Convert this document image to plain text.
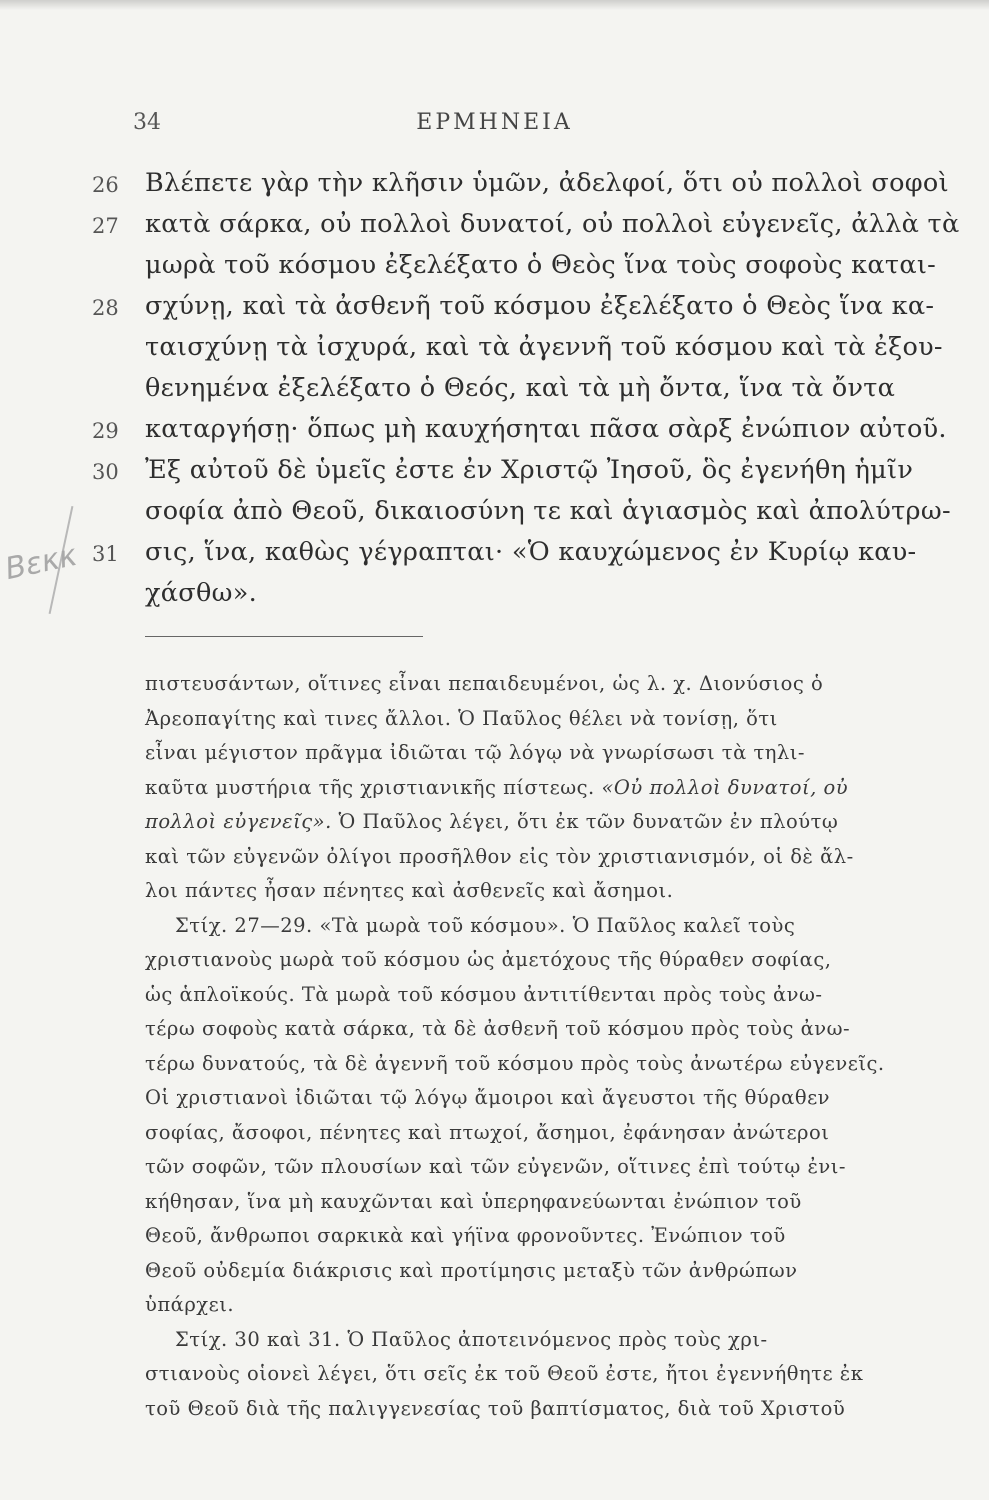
34	ΕΡΜΗΝΕΙΑ
Βεκκ
26 Βλέπετε γὰρ τὴν κλῆσιν ὑμῶν, ἀδελφοί, ὅτι οὐ πολλοὶ σοφοὶ
27 κατὰ σάρκα, οὐ πολλοὶ δυνατοί, οὐ πολλοὶ εὐγενεῖς, ἀλλὰ τὰ
μωρὰ τοῦ κόσμου ἐξελέξατο ὁ Θεὸς ἵνα τοὺς σοφοὺς καται-
28 σχύνῃ, καὶ τὰ ἀσθενῆ τοῦ κόσμου ἐξελέξατο ὁ Θεὸς ἵνα κα-
ταισχύνῃ τὰ ἰσχυρά, καὶ τὰ ἀγεννῆ τοῦ κόσμου καὶ τὰ ἐξου-
θενημένα ἐξελέξατο ὁ Θεός, καὶ τὰ μὴ ὄντα, ἵνα τὰ ὄντα
29 καταργήσῃ· ὅπως μὴ καυχήσηται πᾶσα σὰρξ ἐνώπιον αὐτοῦ.
30 Ἐξ αὐτοῦ δὲ ὑμεῖς ἐστε ἐν Χριστῷ Ἰησοῦ, ὃς ἐγενήθη ἡμῖν
σοφία ἀπὸ Θεοῦ, δικαιοσύνη τε καὶ ἁγιασμὸς καὶ ἀπολύτρω-
31 σις, ἵνα, καθὼς γέγραπται· «Ὁ καυχώμενος ἐν Κυρίῳ καυ-
χάσθω».
πιστευσάντων, οἵτινες εἶναι πεπαιδευμένοι, ὡς λ. χ. Διονύσιος ὁ
Ἀρεοπαγίτης καὶ τινες ἄλλοι. Ὁ Παῦλος θέλει νὰ τονίσῃ, ὅτι
εἶναι μέγιστον πρᾶγμα ἰδιῶται τῷ λόγῳ νὰ γνωρίσωσι τὰ τηλι-
καῦτα μυστήρια τῆς χριστιανικῆς πίστεως. «Οὐ πολλοὶ δυνατοί, οὐ
πολλοὶ εὐγενεῖς». Ὁ Παῦλος λέγει, ὅτι ἐκ τῶν δυνατῶν ἐν πλούτῳ
καὶ τῶν εὐγενῶν ὀλίγοι προσῆλθον εἰς τὸν χριστιανισμόν, οἱ δὲ ἄλ-
λοι πάντες ἦσαν πένητες καὶ ἀσθενεῖς καὶ ἄσημοι.
Στίχ. 27—29. «Τὰ μωρὰ τοῦ κόσμου». Ὁ Παῦλος καλεῖ τοὺς
χριστιανοὺς μωρὰ τοῦ κόσμου ὡς ἀμετόχους τῆς θύραθεν σοφίας,
ὡς ἁπλοϊκούς. Τὰ μωρὰ τοῦ κόσμου ἀντιτίθενται πρὸς τοὺς ἀνω-
τέρω σοφοὺς κατὰ σάρκα, τὰ δὲ ἀσθενῆ τοῦ κόσμου πρὸς τοὺς ἀνω-
τέρω δυνατούς, τὰ δὲ ἀγεννῆ τοῦ κόσμου πρὸς τοὺς ἀνωτέρω εὐγενεῖς.
Οἱ χριστιανοὶ ἰδιῶται τῷ λόγῳ ἄμοιροι καὶ ἄγευστοι τῆς θύραθεν
σοφίας, ἄσοφοι, πένητες καὶ πτωχοί, ἄσημοι, ἐφάνησαν ἀνώτεροι
τῶν σοφῶν, τῶν πλουσίων καὶ τῶν εὐγενῶν, οἵτινες ἐπὶ τούτῳ ἐνι-
κήθησαν, ἵνα μὴ καυχῶνται καὶ ὑπερηφανεύωνται ἐνώπιον τοῦ
Θεοῦ, ἄνθρωποι σαρκικὰ καὶ γήϊνα φρονοῦντες. Ἐνώπιον τοῦ
Θεοῦ οὐδεμία διάκρισις καὶ προτίμησις μεταξὺ τῶν ἀνθρώπων
ὑπάρχει.
Στίχ. 30 καὶ 31. Ὁ Παῦλος ἀποτεινόμενος πρὸς τοὺς χρι-
στιανοὺς οἱονεὶ λέγει, ὅτι σεῖς ἐκ τοῦ Θεοῦ ἐστε, ἤτοι ἐγεννήθητε ἐκ
τοῦ Θεοῦ διὰ τῆς παλιγγενεσίας τοῦ βαπτίσματος, διὰ τοῦ Χριστοῦ
